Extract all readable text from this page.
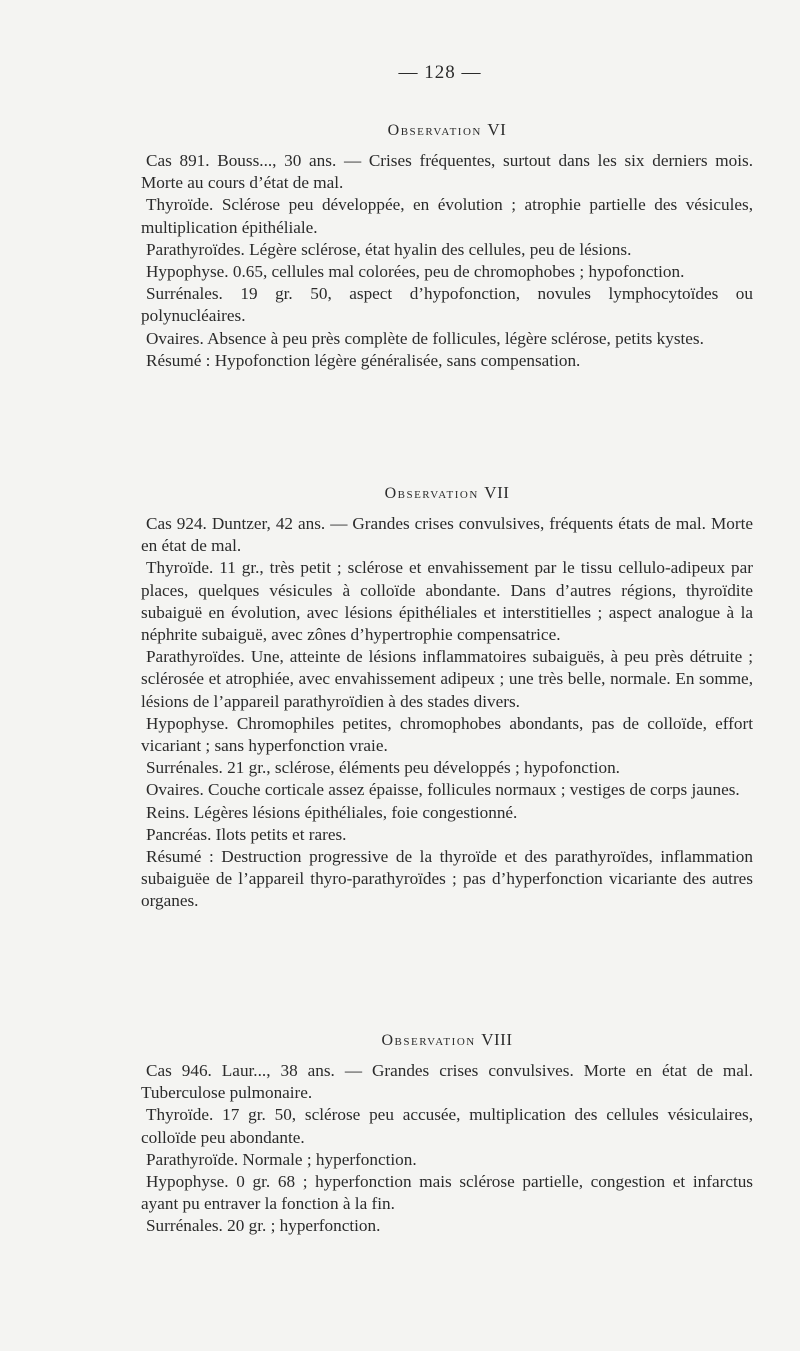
— 128 —
Observation VI

Cas 891. Bouss..., 30 ans. — Crises fréquentes, surtout dans les six derniers mois. Morte au cours d’état de mal.

Thyroïde. Sclérose peu développée, en évolution ; atrophie partielle des vésicules, multiplication épithéliale.

Parathyroïdes. Légère sclérose, état hyalin des cellules, peu de lésions.

Hypophyse. 0.65, cellules mal colorées, peu de chromophobes ; hypofonction.

Surrénales. 19 gr. 50, aspect d’hypofonction, novules lymphocytoïdes ou polynucléaires.

Ovaires. Absence à peu près complète de follicules, légère sclérose, petits kystes.

Résumé : Hypofonction légère généralisée, sans compensation.

Observation VII

Cas 924. Duntzer, 42 ans. — Grandes crises convulsives, fréquents états de mal. Morte en état de mal.

Thyroïde. 11 gr., très petit ; sclérose et envahissement par le tissu cellulo-adipeux par places, quelques vésicules à colloïde abondante. Dans d’autres régions, thyroïdite subaiguë en évolution, avec lésions épithéliales et interstitielles ; aspect analogue à la néphrite subaiguë, avec zônes d’hypertrophie compensatrice.

Parathyroïdes. Une, atteinte de lésions inflammatoires subaiguës, à peu près détruite ; sclérosée et atrophiée, avec envahissement adipeux ; une très belle, normale. En somme, lésions de l’appareil parathyroïdien à des stades divers.

Hypophyse. Chromophiles petites, chromophobes abondants, pas de colloïde, effort vicariant ; sans hyperfonction vraie.

Surrénales. 21 gr., sclérose, éléments peu développés ; hypofonction.

Ovaires. Couche corticale assez épaisse, follicules normaux ; vestiges de corps jaunes.

Reins. Légères lésions épithéliales, foie congestionné.

Pancréas. Ilots petits et rares.

Résumé : Destruction progressive de la thyroïde et des parathyroïdes, inflammation subaiguëe de l’appareil thyro-parathyroïdes ; pas d’hyperfonction vicariante des autres organes.

Observation VIII

Cas 946. Laur..., 38 ans. — Grandes crises convulsives. Morte en état de mal. Tuberculose pulmonaire.

Thyroïde. 17 gr. 50, sclérose peu accusée, multiplication des cellules vésiculaires, colloïde peu abondante.

Parathyroïde. Normale ; hyperfonction.

Hypophyse. 0 gr. 68 ; hyperfonction mais sclérose partielle, congestion et infarctus ayant pu entraver la fonction à la fin.

Surrénales. 20 gr. ; hyperfonction.
